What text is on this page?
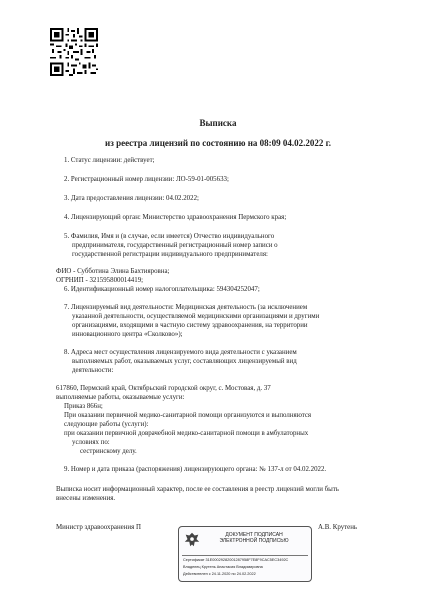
Выписка
из реестра лицензий по состоянию на 08:09 04.02.2022 г.
1. Статус лицензии: действует;
2. Регистрационный номер лицензии: ЛО-59-01-005633;
3. Дата предоставления лицензии: 04.02.2022;
4. Лицензирующий орган: Министерство здравоохранения Пермского края;
5. Фамилия, Имя и (в случае, если имеется) Отчество индивидуального
предпринимателя, государственный регистрационный номер записи о
государственной регистрации индивидуального предпринимателя:
ФИО - Субботина Элина Бахтияровна;
ОГРНИП - 321595800014419;
6. Идентификационный номер налогоплательщика: 594304252047;
7. Лицензируемый вид деятельности: Медицинская деятельность (за исключением
указанной деятельности, осуществляемой медицинскими организациями и другими
организациями, входящими в частную систему здравоохранения, на территории
инновационного центра «Сколково»);
8. Адреса мест осуществления лицензируемого вида деятельности с указанием
выполняемых работ, оказываемых услуг, составляющих лицензируемый вид
деятельности:
617860, Пермский край, Октябрьский городской округ, с. Мостовая, д. 37
выполняемые работы, оказываемые услуги:
Приказ 866н;
При оказании первичной медико-санитарной помощи организуются и выполняются
следующие работы (услуги):
при оказании первичной доврачебной медико-санитарной помощи в амбулаторных
условиях по:
сестринскому делу.
9. Номер и дата приказа (распоряжения) лицензирующего органа: № 137-л от 04.02.2022.
Выписка носит информационный характер, после ее составления в реестр лицензий могли быть
внесены изменения.
Министр здравоохранения П	А.В. Крутень
ДОКУМЕНТ ПОДПИСАН
ЭЛЕКТРОННОЙ ПОДПИСЬЮ
Сертификат 31E00029282001287958F7E8F9CAC5EC3492C
Владелец Крутень Анастасия Владимировна
Действителен с 24.11.2020 по 24.02.2022
